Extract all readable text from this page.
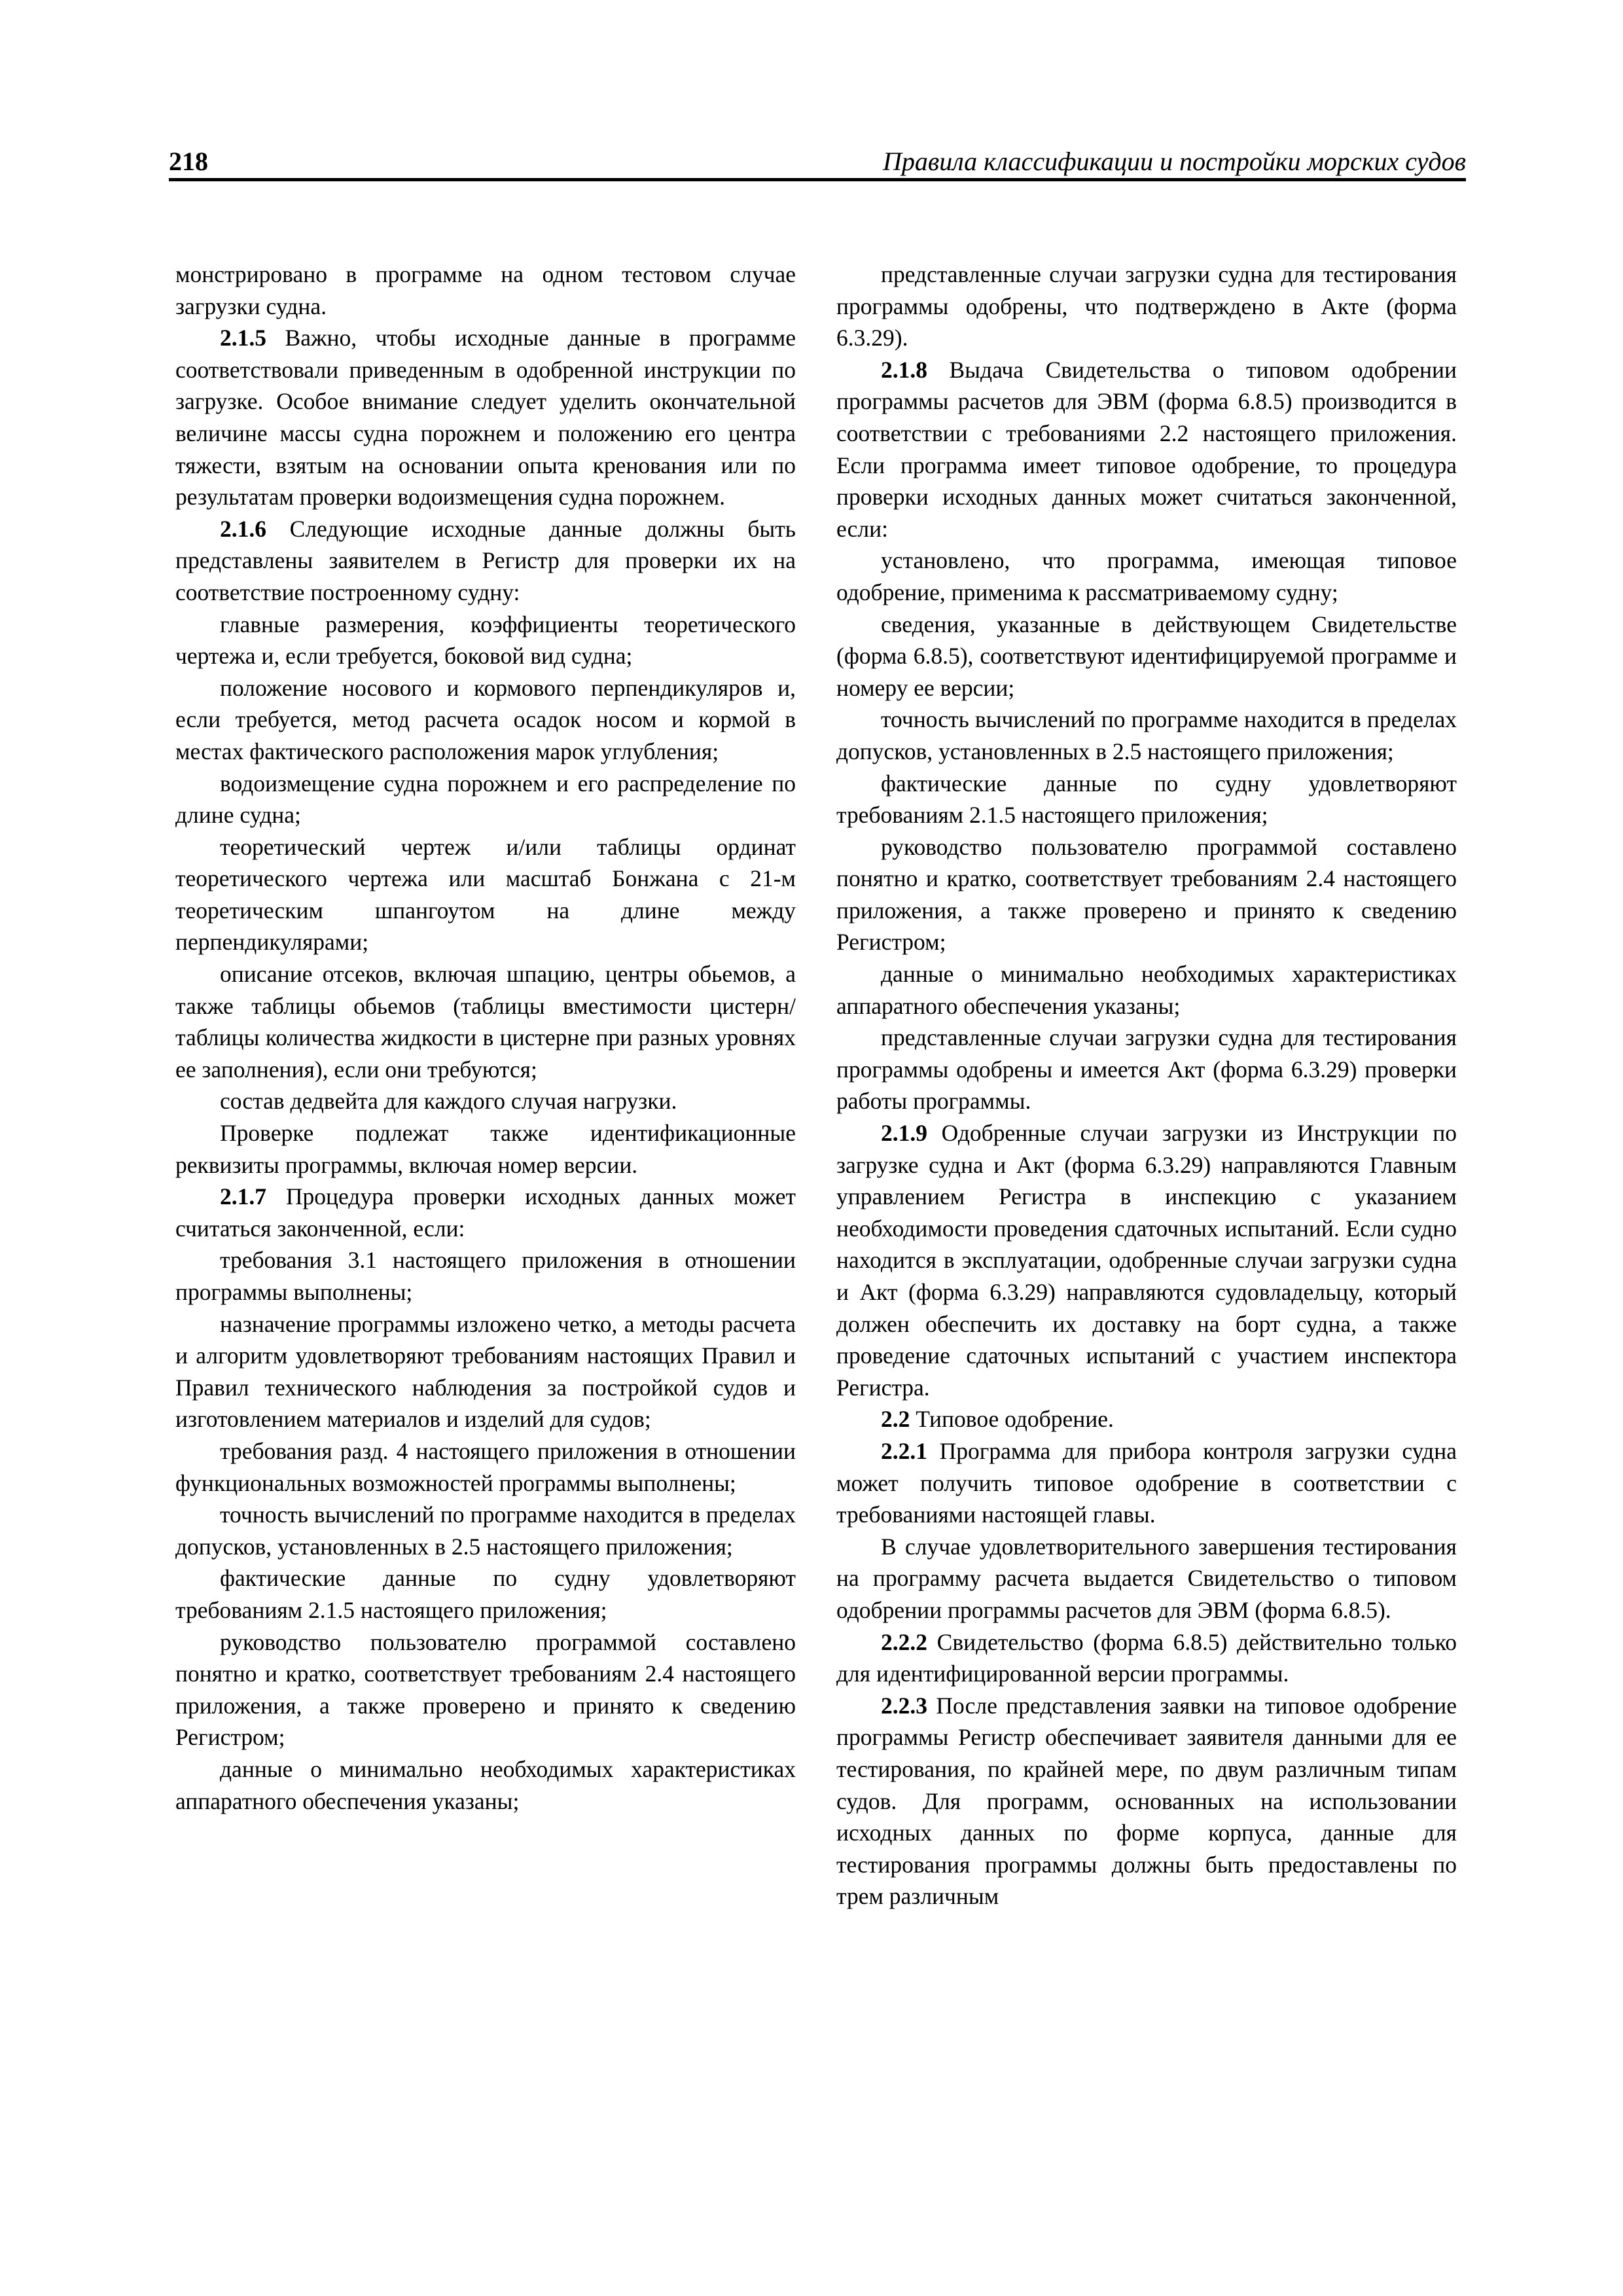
218	Правила классификации и постройки морских судов

монстрировано в программе на одном тестовом случае загрузки судна.

2.1.5 Важно, чтобы исходные данные в программе соответствовали приведенным в одобренной инструкции по загрузке. Особое внимание следует уделить окончательной величине массы судна порожнем и положению его центра тяжести, взятым на основании опыта кренования или по результатам проверки водоизмещения судна порожнем.

2.1.6 Следующие исходные данные должны быть представлены заявителем в Регистр для проверки их на соответствие построенному судну:

главные размерения, коэффициенты теоретического чертежа и, если требуется, боковой вид судна;

положение носового и кормового перпендикуляров и, если требуется, метод расчета осадок носом и кормой в местах фактического расположения марок углубления;

водоизмещение судна порожнем и его распределение по длине судна;

теоретический чертеж и/или таблицы ординат теоретического чертежа или масштаб Бонжана с 21-м теоретическим шпангоутом на длине между перпендикулярами;

описание отсеков, включая шпацию, центры обьемов, а также таблицы обьемов (таблицы вместимости цистерн/таблицы количества жидкости в цистерне при разных уровнях ее заполнения), если они требуются;

состав дедвейта для каждого случая нагрузки.

Проверке подлежат также идентификационные реквизиты программы, включая номер версии.

2.1.7 Процедура проверки исходных данных может считаться законченной, если:

требования 3.1 настоящего приложения в отношении программы выполнены;

назначение программы изложено четко, а методы расчета и алгоритм удовлетворяют требованиям настоящих Правил и Правил технического наблюдения за постройкой судов и изготовлением материалов и изделий для судов;

требования разд. 4 настоящего приложения в отношении функциональных возможностей программы выполнены;

точность вычислений по программе находится в пределах допусков, установленных в 2.5 настоящего приложения;

фактические данные по судну удовлетворяют требованиям 2.1.5 настоящего приложения;

руководство пользователю программой составлено понятно и кратко, соответствует требованиям 2.4 настоящего приложения, а также проверено и принято к сведению Регистром;

данные о минимально необходимых характеристиках аппаратного обеспечения указаны;

представленные случаи загрузки судна для тестирования программы одобрены, что подтверждено в Акте (форма 6.3.29).

2.1.8 Выдача Свидетельства о типовом одобрении программы расчетов для ЭВМ (форма 6.8.5) производится в соответствии с требованиями 2.2 настоящего приложения. Если программа имеет типовое одобрение, то процедура проверки исходных данных может считаться законченной, если:

установлено, что программа, имеющая типовое одобрение, применима к рассматриваемому судну;

сведения, указанные в действующем Свидетельстве (форма 6.8.5), соответствуют идентифицируемой программе и номеру ее версии;

точность вычислений по программе находится в пределах допусков, установленных в 2.5 настоящего приложения;

фактические данные по судну удовлетворяют требованиям 2.1.5 настоящего приложения;

руководство пользователю программой составлено понятно и кратко, соответствует требованиям 2.4 настоящего приложения, а также проверено и принято к сведению Регистром;

данные о минимально необходимых характеристиках аппаратного обеспечения указаны;

представленные случаи загрузки судна для тестирования программы одобрены и имеется Акт (форма 6.3.29) проверки работы программы.

2.1.9 Одобренные случаи загрузки из Инструкции по загрузке судна и Акт (форма 6.3.29) направляются Главным управлением Регистра в инспекцию с указанием необходимости проведения сдаточных испытаний. Если судно находится в эксплуатации, одобренные случаи загрузки судна и Акт (форма 6.3.29) направляются судовладельцу, который должен обеспечить их доставку на борт судна, а также проведение сдаточных испытаний с участием инспектора Регистра.

2.2 Типовое одобрение.

2.2.1 Программа для прибора контроля загрузки судна может получить типовое одобрение в соответствии с требованиями настоящей главы.

В случае удовлетворительного завершения тестирования на программу расчета выдается Свидетельство о типовом одобрении программы расчетов для ЭВМ (форма 6.8.5).

2.2.2 Свидетельство (форма 6.8.5) действительно только для идентифицированной версии программы.

2.2.3 После представления заявки на типовое одобрение программы Регистр обеспечивает заявителя данными для ее тестирования, по крайней мере, по двум различным типам судов. Для программ, основанных на использовании исходных данных по форме корпуса, данные для тестирования программы должны быть предоставлены по трем различным
